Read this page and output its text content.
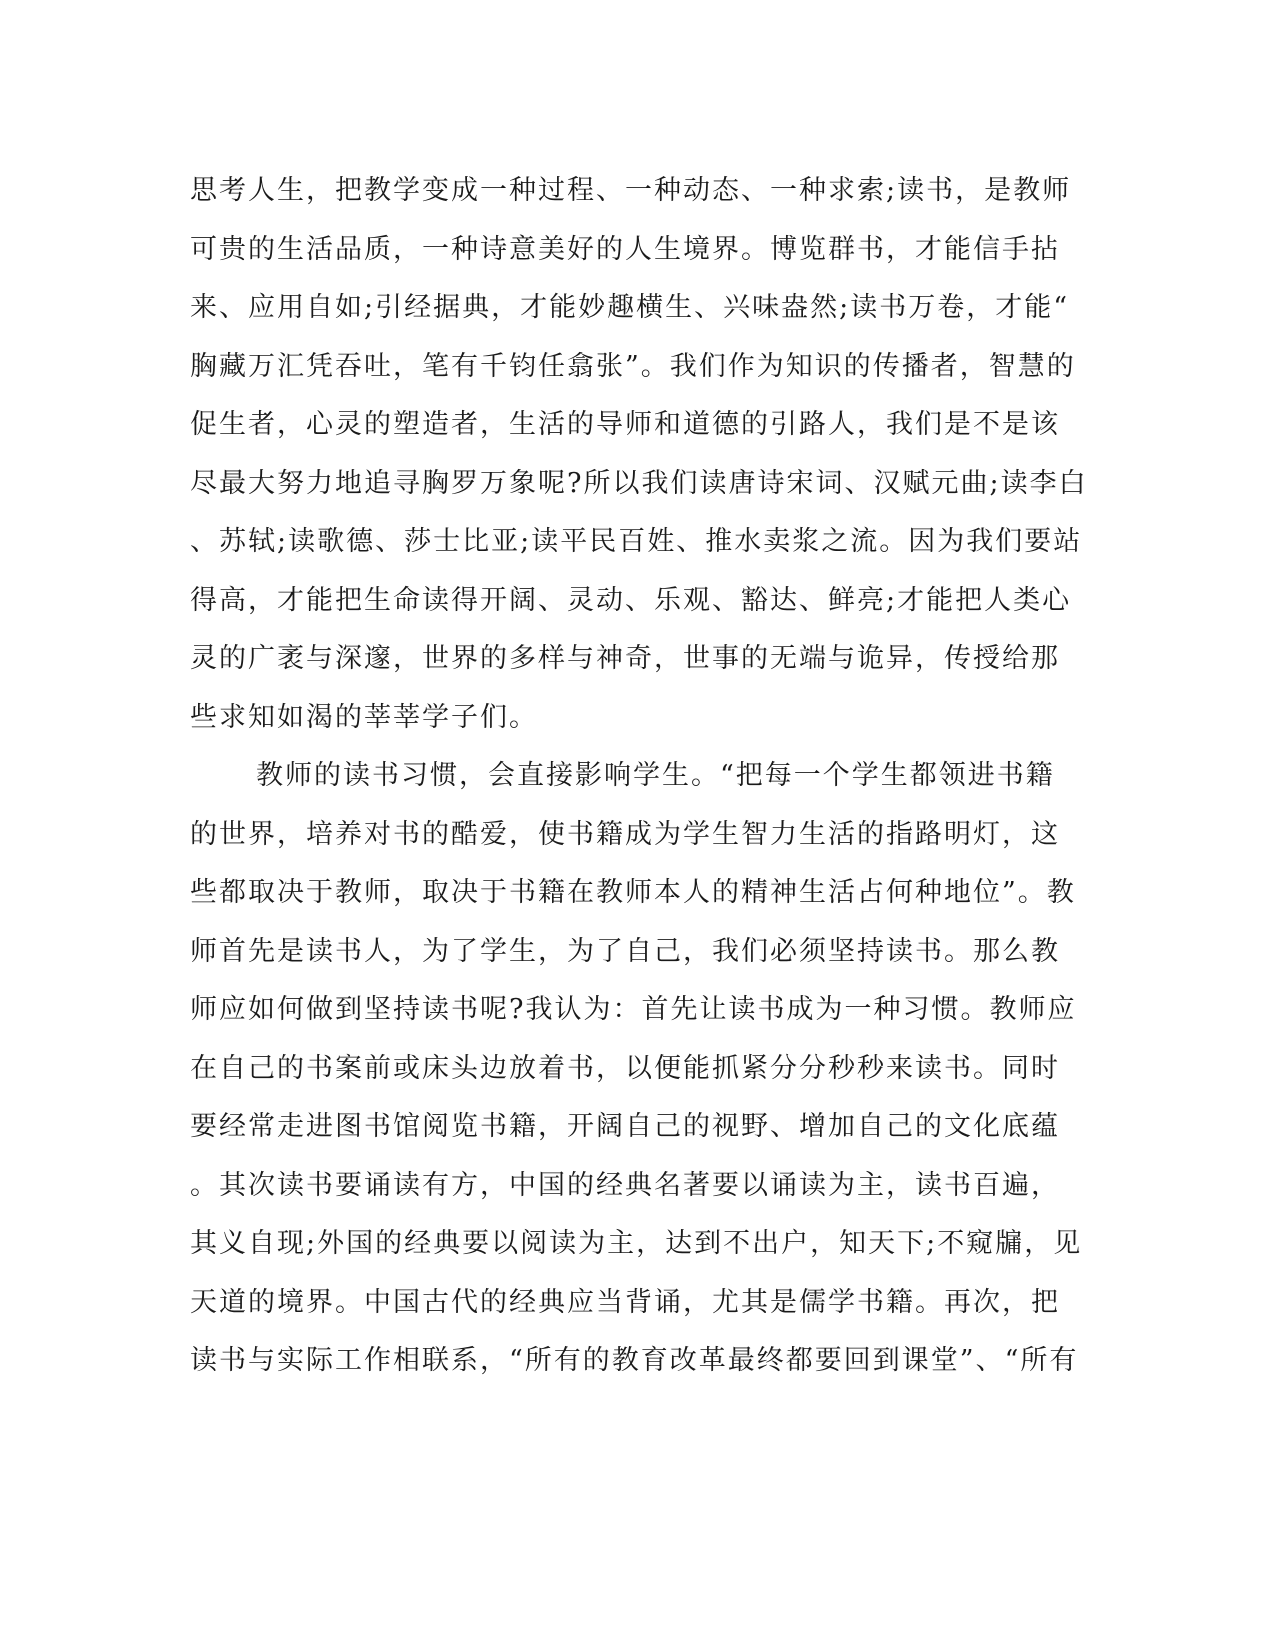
思考人生，把教学变成一种过程、一种动态、一种求索;读书，是教师
可贵的生活品质，一种诗意美好的人生境界。博览群书，才能信手拈
来、应用自如;引经据典，才能妙趣横生、兴味盎然;读书万卷，才能“
胸藏万汇凭吞吐，笔有千钧任翕张”。我们作为知识的传播者，智慧的
促生者，心灵的塑造者，生活的导师和道德的引路人，我们是不是该
尽最大努力地追寻胸罗万象呢?所以我们读唐诗宋词、汉赋元曲;读李白
、苏轼;读歌德、莎士比亚;读平民百姓、推水卖浆之流。因为我们要站
得高，才能把生命读得开阔、灵动、乐观、豁达、鲜亮;才能把人类心
灵的广袤与深邃，世界的多样与神奇，世事的无端与诡异，传授给那
些求知如渴的莘莘学子们。
教师的读书习惯，会直接影响学生。“把每一个学生都领进书籍
的世界，培养对书的酷爱，使书籍成为学生智力生活的指路明灯，这
些都取决于教师，取决于书籍在教师本人的精神生活占何种地位”。教
师首先是读书人，为了学生，为了自己，我们必须坚持读书。那么教
师应如何做到坚持读书呢?我认为：首先让读书成为一种习惯。教师应
在自己的书案前或床头边放着书，以便能抓紧分分秒秒来读书。同时
要经常走进图书馆阅览书籍，开阔自己的视野、增加自己的文化底蕴
。其次读书要诵读有方，中国的经典名著要以诵读为主，读书百遍，
其义自现;外国的经典要以阅读为主，达到不出户，知天下;不窥牖，见
天道的境界。中国古代的经典应当背诵，尤其是儒学书籍。再次，把
读书与实际工作相联系，“所有的教育改革最终都要回到课堂”、“所有
